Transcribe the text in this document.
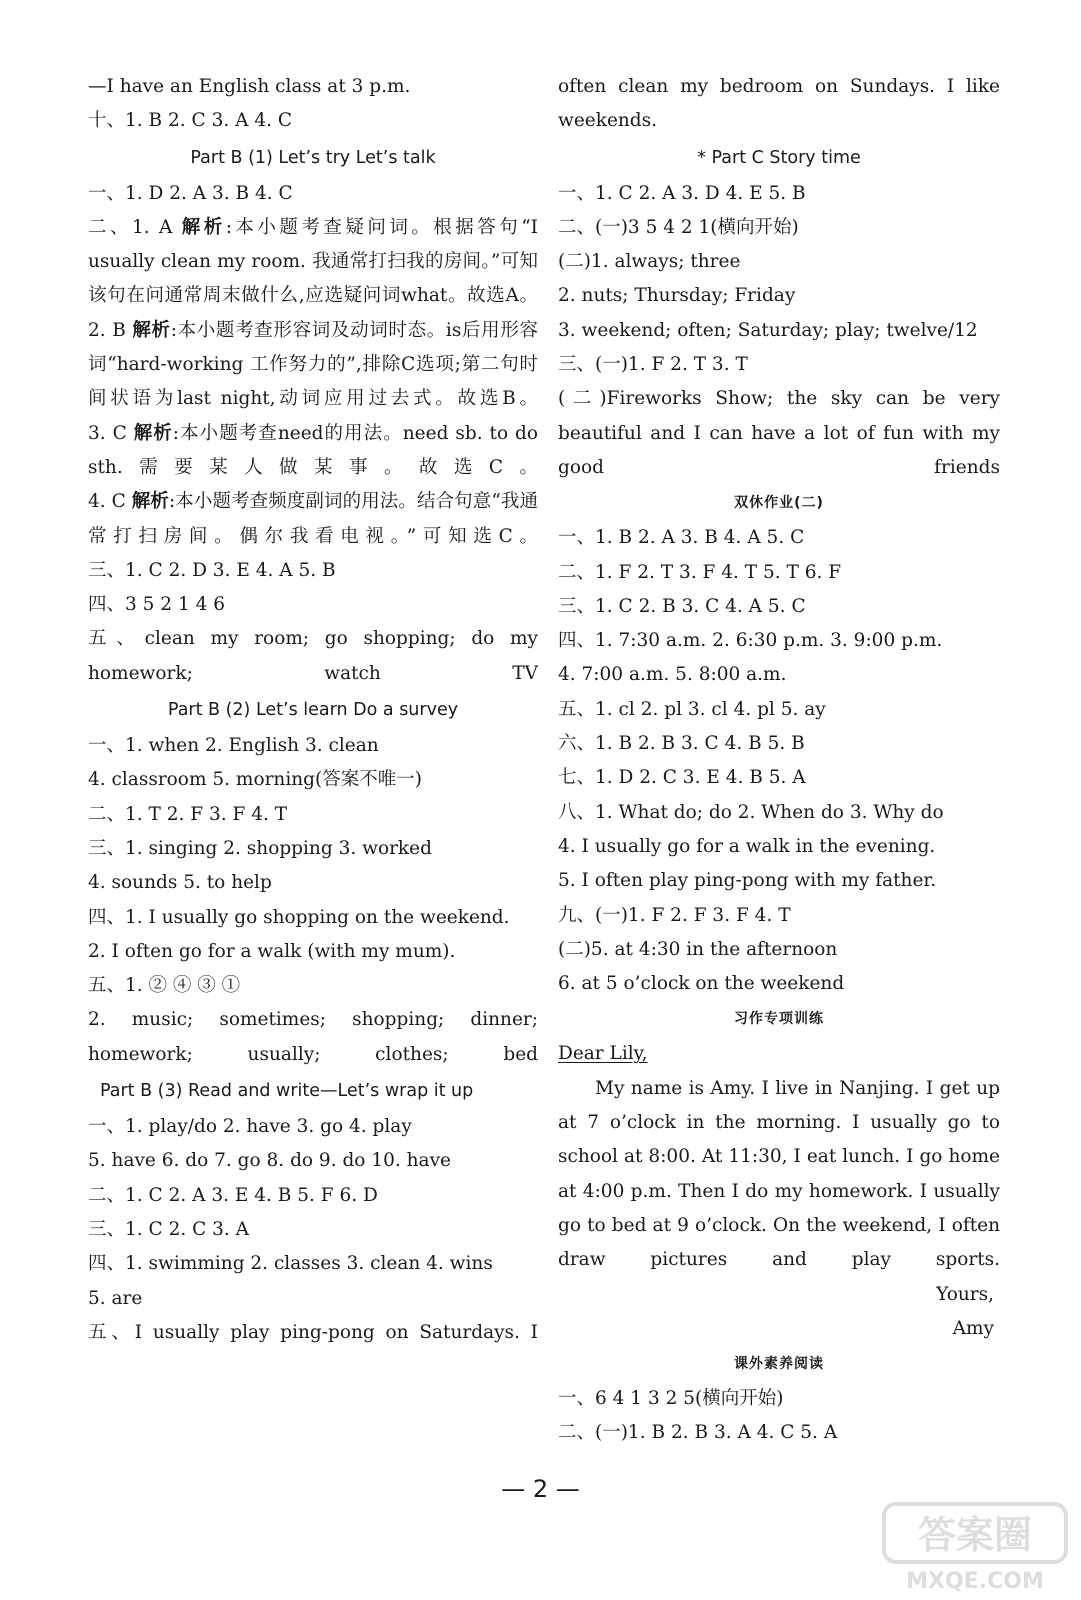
—I have an English class at 3 p.m.
十、1. B 2. C 3. A 4. C
Part B (1) Let’s try Let’s talk
一、1. D 2. A 3. B 4. C
二、1. A 解析:本小题考查疑问词。根据答句“I usually clean my room. 我通常打扫我的房间。”可知该句在问通常周末做什么,应选疑问词what。故选A。
2. B 解析:本小题考查形容词及动词时态。is后用形容词“hard-working 工作努力的”,排除C选项;第二句时间状语为last night,动词应用过去式。故选B。
3. C 解析:本小题考查need的用法。need sb. to do sth.需要某人做某事。故选C。
4. C 解析:本小题考查频度副词的用法。结合句意“我通常打扫房间。偶尔我看电视。”可知选C。
三、1. C 2. D 3. E 4. A 5. B
四、3 5 2 1 4 6
五、clean my room; go shopping; do my homework; watch TV
Part B (2) Let’s learn Do a survey
一、1. when 2. English 3. clean
4. classroom 5. morning(答案不唯一)
二、1. T 2. F 3. F 4. T
三、1. singing 2. shopping 3. worked
4. sounds 5. to help
四、1. I usually go shopping on the weekend.
2. I often go for a walk (with my mum).
五、1. ② ④ ③ ①
2. music; sometimes; shopping; dinner; homework; usually; clothes; bed
Part B (3) Read and write—Let’s wrap it up
一、1. play/do 2. have 3. go 4. play
5. have 6. do 7. go 8. do 9. do 10. have
二、1. C 2. A 3. E 4. B 5. F 6. D
三、1. C 2. C 3. A
四、1. swimming 2. classes 3. clean 4. wins
5. are
五、I usually play ping-pong on Saturdays. I
often clean my bedroom on Sundays. I like
weekends.
* Part C Story time
一、1. C 2. A 3. D 4. E 5. B
二、(一)3 5 4 2 1(横向开始)
(二)1. always; three
2. nuts; Thursday; Friday
3. weekend; often; Saturday; play; twelve/12
三、(一)1. F 2. T 3. T
(二)Fireworks Show; the sky can be very beautiful and I can have a lot of fun with my good friends
双休作业(二)
一、1. B 2. A 3. B 4. A 5. C
二、1. F 2. T 3. F 4. T 5. T 6. F
三、1. C 2. B 3. C 4. A 5. C
四、1. 7:30 a.m. 2. 6:30 p.m. 3. 9:00 p.m.
4. 7:00 a.m. 5. 8:00 a.m.
五、1. cl 2. pl 3. cl 4. pl 5. ay
六、1. B 2. B 3. C 4. B 5. B
七、1. D 2. C 3. E 4. B 5. A
八、1. What do; do 2. When do 3. Why do
4. I usually go for a walk in the evening.
5. I often play ping-pong with my father.
九、(一)1. F 2. F 3. F 4. T
(二)5. at 4:30 in the afternoon
6. at 5 o’clock on the weekend
习作专项训练
Dear Lily,
My name is Amy. I live in Nanjing. I get up at 7 o’clock in the morning. I usually go to school at 8:00. At 11:30, I eat lunch. I go home at 4:00 p.m. Then I do my homework. I usually go to bed at 9 o’clock. On the weekend, I often draw pictures and play sports.
Yours,
Amy
课外素养阅读
一、6 4 1 3 2 5(横向开始)
二、(一)1. B 2. B 3. A 4. C 5. A
— 2 —
答案圈
MXQE.COM
